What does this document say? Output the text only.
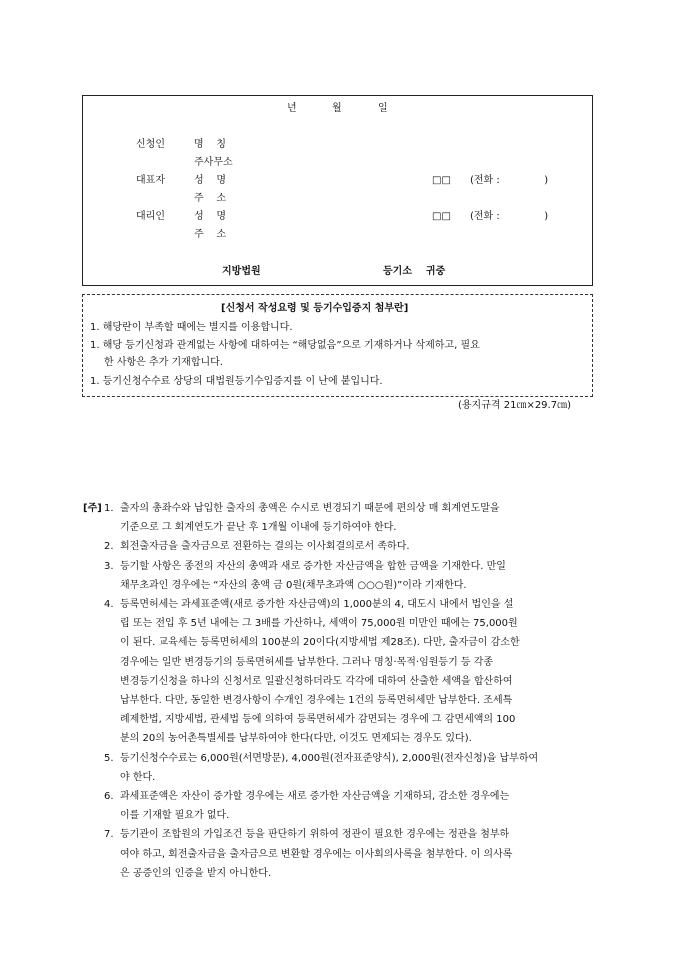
년	월	일
신청인	명    칭
주사무소
대표자	성    명	□□ (전화 :              )
주    소
대리인	성    명	□□ (전화 :              )
주    소
지방법원	등기소    귀중
[신청서 작성요령 및 등기수입증지 첨부란]
1. 해당란이 부족할 때에는 별지를 이용합니다.
1. 해당 등기신청과 관계없는 사항에 대하여는 “해당없음”으로 기재하거나 삭제하고, 필요
한 사항은 추가 기재합니다.
1. 등기신청수수료 상당의 대법원등기수입증지를 이 난에 붙입니다.
(용지규격 21㎝×29.7㎝)
[주] 1. 출자의 총좌수와 납입한 출자의 총액은 수시로 변경되기 때문에 편의상 매 회계연도말을
기준으로 그 회계연도가 끝난 후 1개월 이내에 등기하여야 한다.
2. 회전출자금을 출자금으로 전환하는 결의는 이사회결의로서 족하다.
3. 등기할 사항은 종전의 자산의 총액과 새로 증가한 자산금액을 합한 금액을 기재한다. 만일
채무초과인 경우에는 “자산의 총액 금 0원(채무초과액 ○○○원)”이라 기재한다.
4. 등록면허세는 과세표준액(새로 증가한 자산금액)의 1,000분의 4, 대도시 내에서 법인을 설
립 또는 전입 후 5년 내에는 그 3배를 가산하나, 세액이 75,000원 미만인 때에는 75,000원
이 된다. 교육세는 등록면허세의 100분의 20이다(지방세법 제28조). 다만, 출자금이 감소한
경우에는 일반 변경등기의 등록면허세를 납부한다. 그러나 명칭·목적·임원등기 등 각종
변경등기신청을 하나의 신청서로 일괄신청하더라도 각각에 대하여 산출한 세액을 합산하여
납부한다. 다만, 동일한 변경사항이 수개인 경우에는 1건의 등록면허세만 납부한다. 조세특
례제한법, 지방세법, 관세법 등에 의하여 등록면허세가 감면되는 경우에 그 감면세액의 100
분의 20의 농어촌특별세를 납부하여야 한다(다만, 이것도 면제되는 경우도 있다).
5. 등기신청수수료는 6,000원(서면방문), 4,000원(전자표준양식), 2,000원(전자신청)을 납부하여
야 한다.
6. 과세표준액은 자산이 증가할 경우에는 새로 증가한 자산금액을 기재하되, 감소한 경우에는
이를 기재할 필요가 없다.
7. 등기관이 조합원의 가입조건 등을 판단하기 위하여 정관이 필요한 경우에는 정관을 첨부하
여야 하고, 회전출자금을 출자금으로 변환할 경우에는 이사회의사록을 첨부한다. 이 의사록
은 공증인의 인증을 받지 아니한다.
